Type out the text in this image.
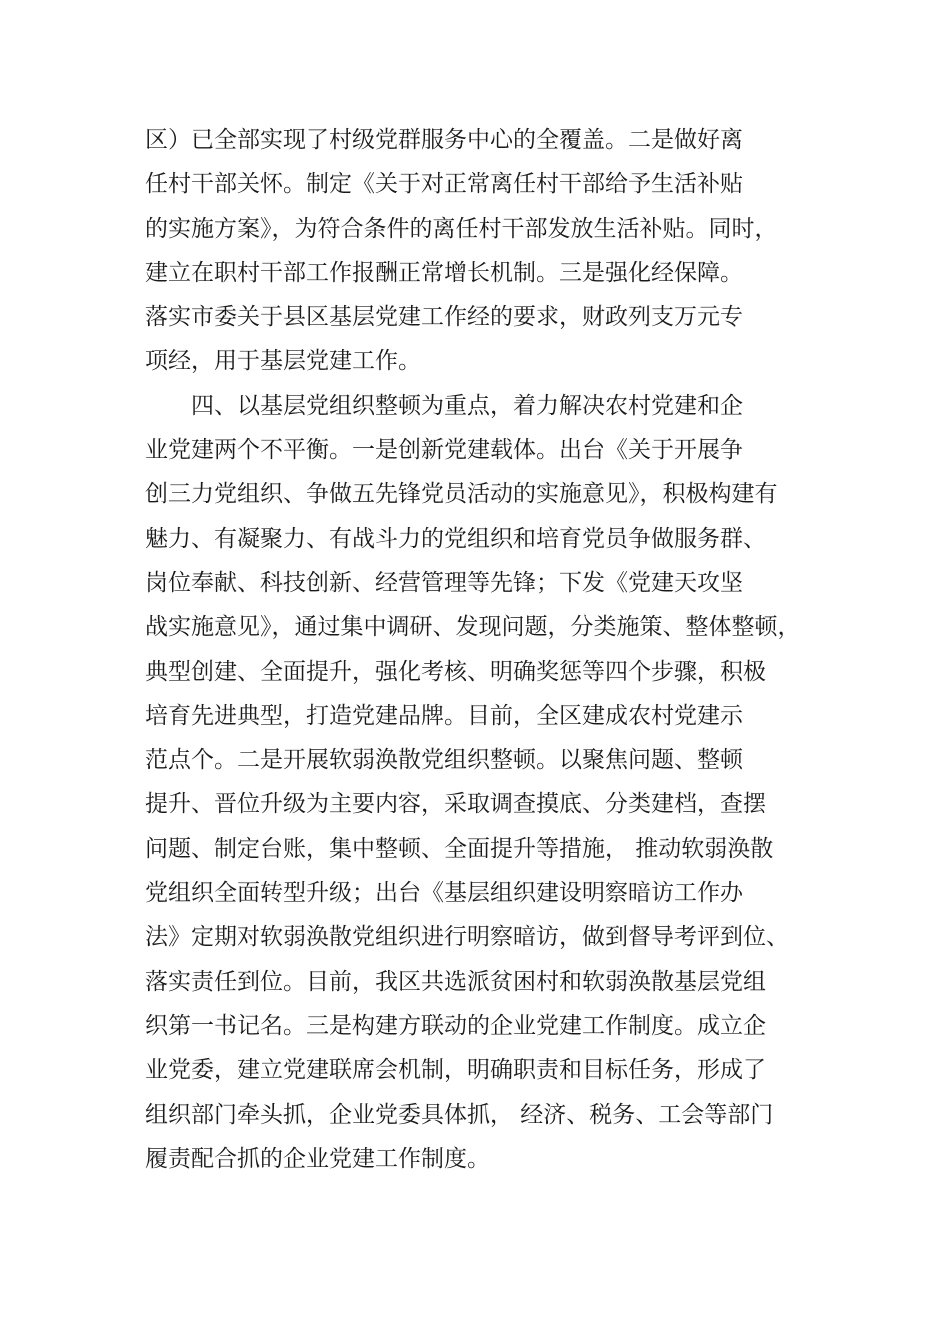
区）已全部实现了村级党群服务中心的全覆盖。二是做好离
任村干部关怀。制定《关于对正常离任村干部给予生活补贴
的实施方案》，为符合条件的离任村干部发放生活补贴。同时，
建立在职村干部工作报酬正常增长机制。三是强化经保障。
落实市委关于县区基层党建工作经的要求，财政列支万元专
项经，用于基层党建工作。
四、以基层党组织整顿为重点，着力解决农村党建和企
业党建两个不平衡。一是创新党建载体。出台《关于开展争
创三力党组织、争做五先锋党员活动的实施意见》，积极构建有
魅力、有凝聚力、有战斗力的党组织和培育党员争做服务群、
岗位奉献、科技创新、经营管理等先锋；下发《党建天攻坚
战实施意见》，通过集中调研、发现问题，分类施策、整体整顿，
典型创建、全面提升，强化考核、明确奖惩等四个步骤，积极
培育先进典型，打造党建品牌。目前，全区建成农村党建示
范点个。二是开展软弱涣散党组织整顿。以聚焦问题、整顿
提升、晋位升级为主要内容，采取调查摸底、分类建档，查摆
问题、制定台账，集中整顿、全面提升等措施， 推动软弱涣散
党组织全面转型升级；出台《基层组织建设明察暗访工作办
法》定期对软弱涣散党组织进行明察暗访，做到督导考评到位、
落实责任到位。目前，我区共选派贫困村和软弱涣散基层党组
织第一书记名。三是构建方联动的企业党建工作制度。成立企
业党委，建立党建联席会机制，明确职责和目标任务，形成了
组织部门牵头抓，企业党委具体抓， 经济、税务、工会等部门
履责配合抓的企业党建工作制度。
